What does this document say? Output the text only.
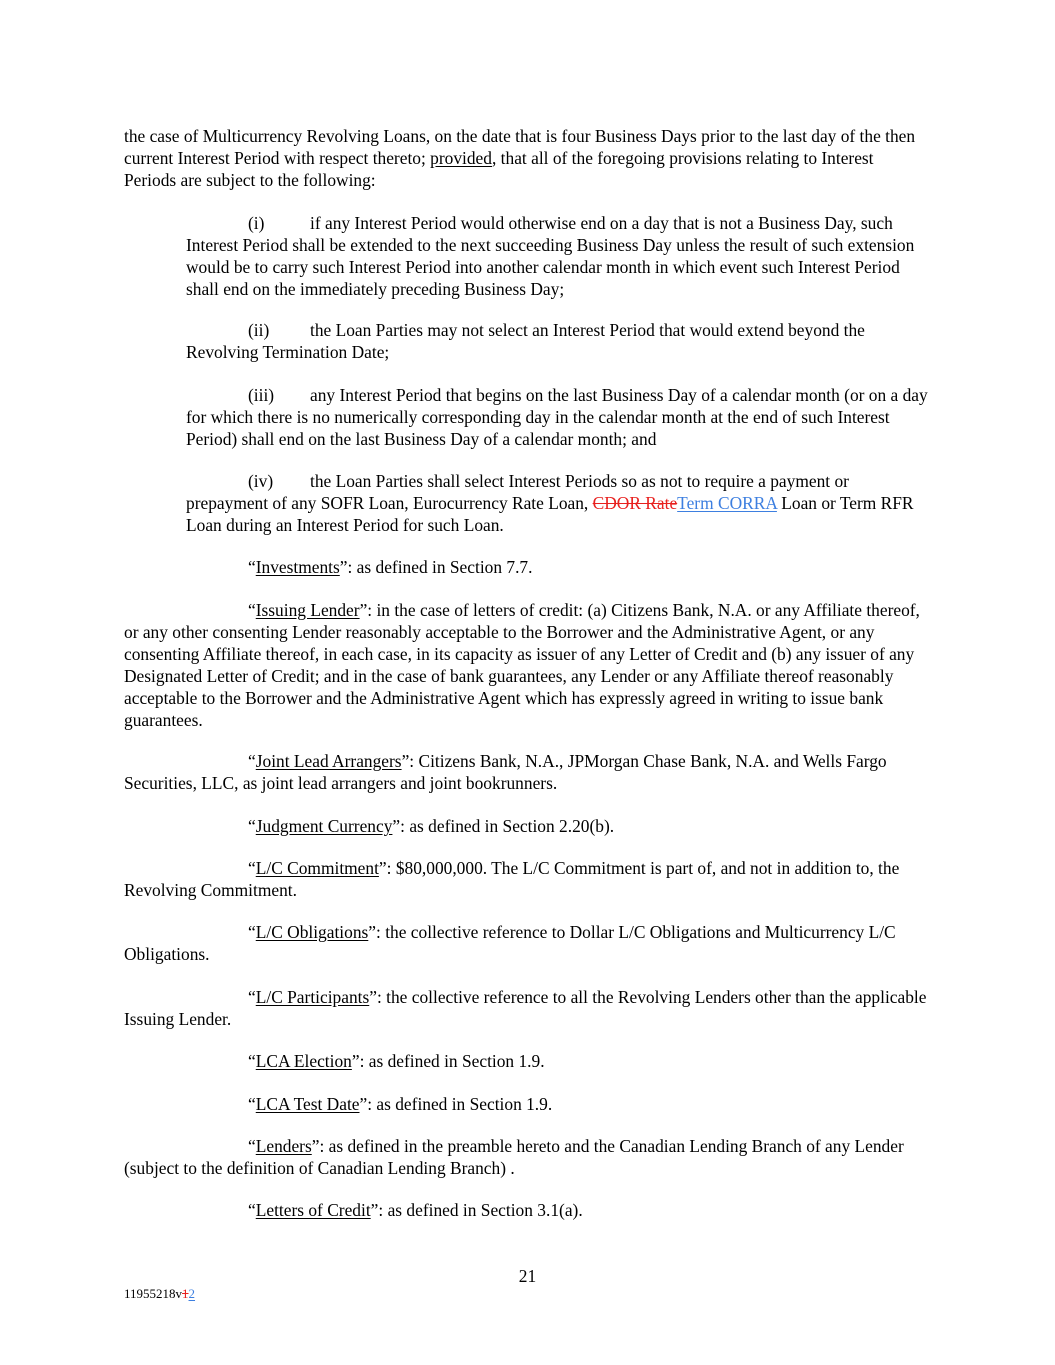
the case of Multicurrency Revolving Loans, on the date that is four Business Days prior to the last day of the then current Interest Period with respect thereto; provided, that all of the foregoing provisions relating to Interest Periods are subject to the following:

(i)	if any Interest Period would otherwise end on a day that is not a Business Day, such Interest Period shall be extended to the next succeeding Business Day unless the result of such extension would be to carry such Interest Period into another calendar month in which event such Interest Period shall end on the immediately preceding Business Day;

(ii) the Loan Parties may not select an Interest Period that would extend beyond the Revolving Termination Date;

(iii) any Interest Period that begins on the last Business Day of a calendar month (or on a day for which there is no numerically corresponding day in the calendar month at the end of such Interest Period) shall end on the last Business Day of a calendar month; and

(iv) the Loan Parties shall select Interest Periods so as not to require a payment or prepayment of any SOFR Loan, Eurocurrency Rate Loan, CDOR RateTerm CORRA Loan or Term RFR Loan during an Interest Period for such Loan.

“Investments”: as defined in Section 7.7.

“Issuing Lender”: in the case of letters of credit: (a) Citizens Bank, N.A. or any Affiliate thereof, or any other consenting Lender reasonably acceptable to the Borrower and the Administrative Agent, or any consenting Affiliate thereof, in each case, in its capacity as issuer of any Letter of Credit and (b) any issuer of any Designated Letter of Credit; and in the case of bank guarantees, any Lender or any Affiliate thereof reasonably acceptable to the Borrower and the Administrative Agent which has expressly agreed in writing to issue bank guarantees.

“Joint Lead Arrangers”: Citizens Bank, N.A., JPMorgan Chase Bank, N.A. and Wells Fargo Securities, LLC, as joint lead arrangers and joint bookrunners.

“Judgment Currency”: as defined in Section 2.20(b).

“L/C Commitment”: $80,000,000. The L/C Commitment is part of, and not in addition to, the Revolving Commitment.

“L/C Obligations”: the collective reference to Dollar L/C Obligations and Multicurrency L/C Obligations.

“L/C Participants”: the collective reference to all the Revolving Lenders other than the applicable Issuing Lender.

“LCA Election”: as defined in Section 1.9.

“LCA Test Date”: as defined in Section 1.9.

“Lenders”: as defined in the preamble hereto and the Canadian Lending Branch of any Lender (subject to the definition of Canadian Lending Branch) .

“Letters of Credit”: as defined in Section 3.1(a).

21
11955218v12
